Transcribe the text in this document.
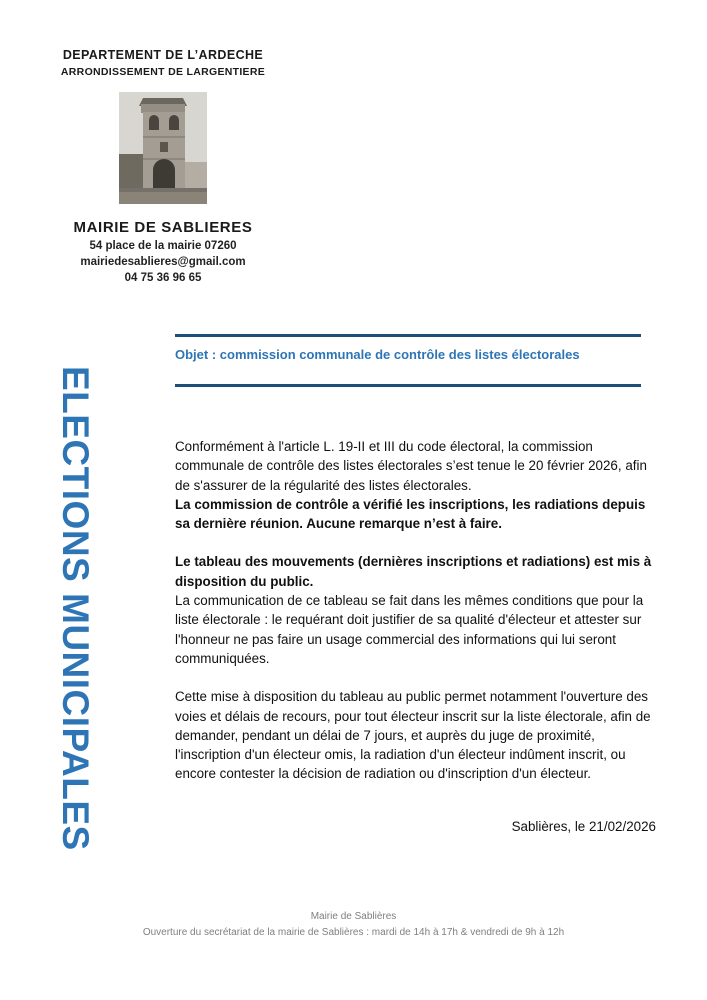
DEPARTEMENT DE L’ARDECHE
ARRONDISSEMENT DE LARGENTIERE
MAIRIE DE SABLIERES
54 place de la mairie 07260
mairiedesablieres@gmail.com
04 75 36 96 65
ELECTIONS MUNICIPALES
Objet : commission communale de contrôle des listes électorales

Conformément à l'article L. 19-II et III du code électoral, la commission communale de contrôle des listes électorales s’est tenue le 20 février 2026, afin de s'assurer de la régularité des listes électorales.
La commission de contrôle a vérifié les inscriptions, les radiations depuis sa dernière réunion. Aucune remarque n’est à faire.

Le tableau des mouvements (dernières inscriptions et radiations) est mis à disposition du public.
La communication de ce tableau se fait dans les mêmes conditions que pour la liste électorale : le requérant doit justifier de sa qualité d'électeur et attester sur l'honneur ne pas faire un usage commercial des informations qui lui seront communiquées.

Cette mise à disposition du tableau au public permet notamment l'ouverture des voies et délais de recours, pour tout électeur inscrit sur la liste électorale, afin de demander, pendant un délai de 7 jours, et auprès du juge de proximité, l'inscription d'un électeur omis, la radiation d'un électeur indûment inscrit, ou encore contester la décision de radiation ou d'inscription d'un électeur.

Sablières, le 21/02/2026

Mairie de Sablières
Ouverture du secrétariat de la mairie de Sablières : mardi de 14h à 17h & vendredi de 9h à 12h
